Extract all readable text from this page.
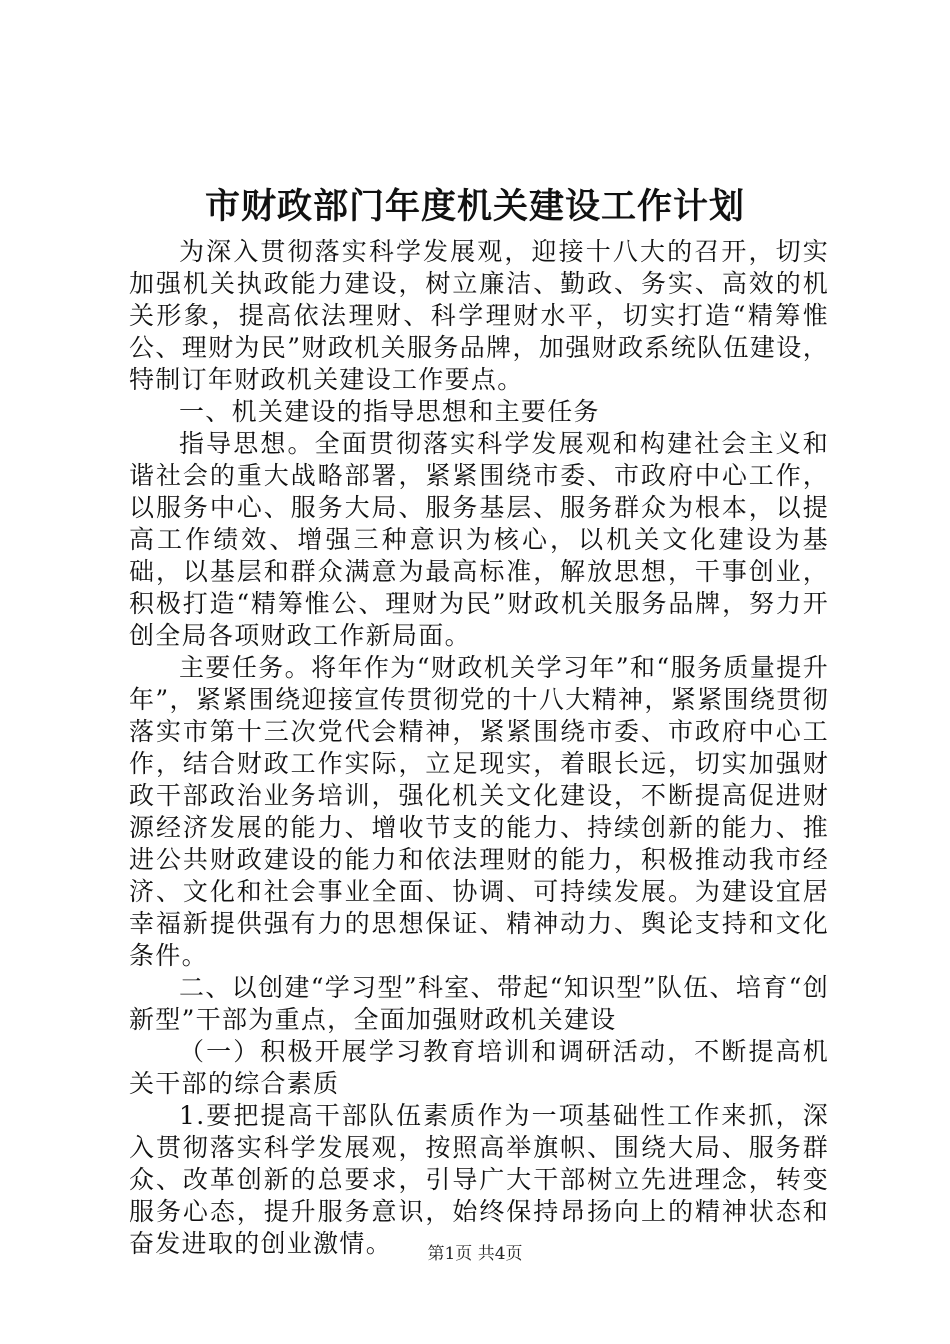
市财政部门年度机关建设工作计划

为深入贯彻落实科学发展观，迎接十八大的召开，切实加强机关执政能力建设，树立廉洁、勤政、务实、高效的机关形象，提高依法理财、科学理财水平，切实打造“精筹惟公、理财为民”财政机关服务品牌，加强财政系统队伍建设，特制订年财政机关建设工作要点。

一、机关建设的指导思想和主要任务

指导思想。全面贯彻落实科学发展观和构建社会主义和谐社会的重大战略部署，紧紧围绕市委、市政府中心工作，以服务中心、服务大局、服务基层、服务群众为根本，以提高工作绩效、增强三种意识为核心，以机关文化建设为基础，以基层和群众满意为最高标准，解放思想，干事创业，积极打造“精筹惟公、理财为民”财政机关服务品牌，努力开创全局各项财政工作新局面。

主要任务。将年作为“财政机关学习年”和“服务质量提升年”，紧紧围绕迎接宣传贯彻党的十八大精神，紧紧围绕贯彻落实市第十三次党代会精神，紧紧围绕市委、市政府中心工作，结合财政工作实际，立足现实，着眼长远，切实加强财政干部政治业务培训，强化机关文化建设，不断提高促进财源经济发展的能力、增收节支的能力、持续创新的能力、推进公共财政建设的能力和依法理财的能力，积极推动我市经济、文化和社会事业全面、协调、可持续发展。为建设宜居幸福新提供强有力的思想保证、精神动力、舆论支持和文化条件。

二、以创建“学习型”科室、带起“知识型”队伍、培育“创新型”干部为重点，全面加强财政机关建设

（一）积极开展学习教育培训和调研活动，不断提高机关干部的综合素质

1.要把提高干部队伍素质作为一项基础性工作来抓，深入贯彻落实科学发展观，按照高举旗帜、围绕大局、服务群众、改革创新的总要求，引导广大干部树立先进理念，转变服务心态，提升服务意识，始终保持昂扬向上的精神状态和奋发进取的创业激情。	第1页 共4页
